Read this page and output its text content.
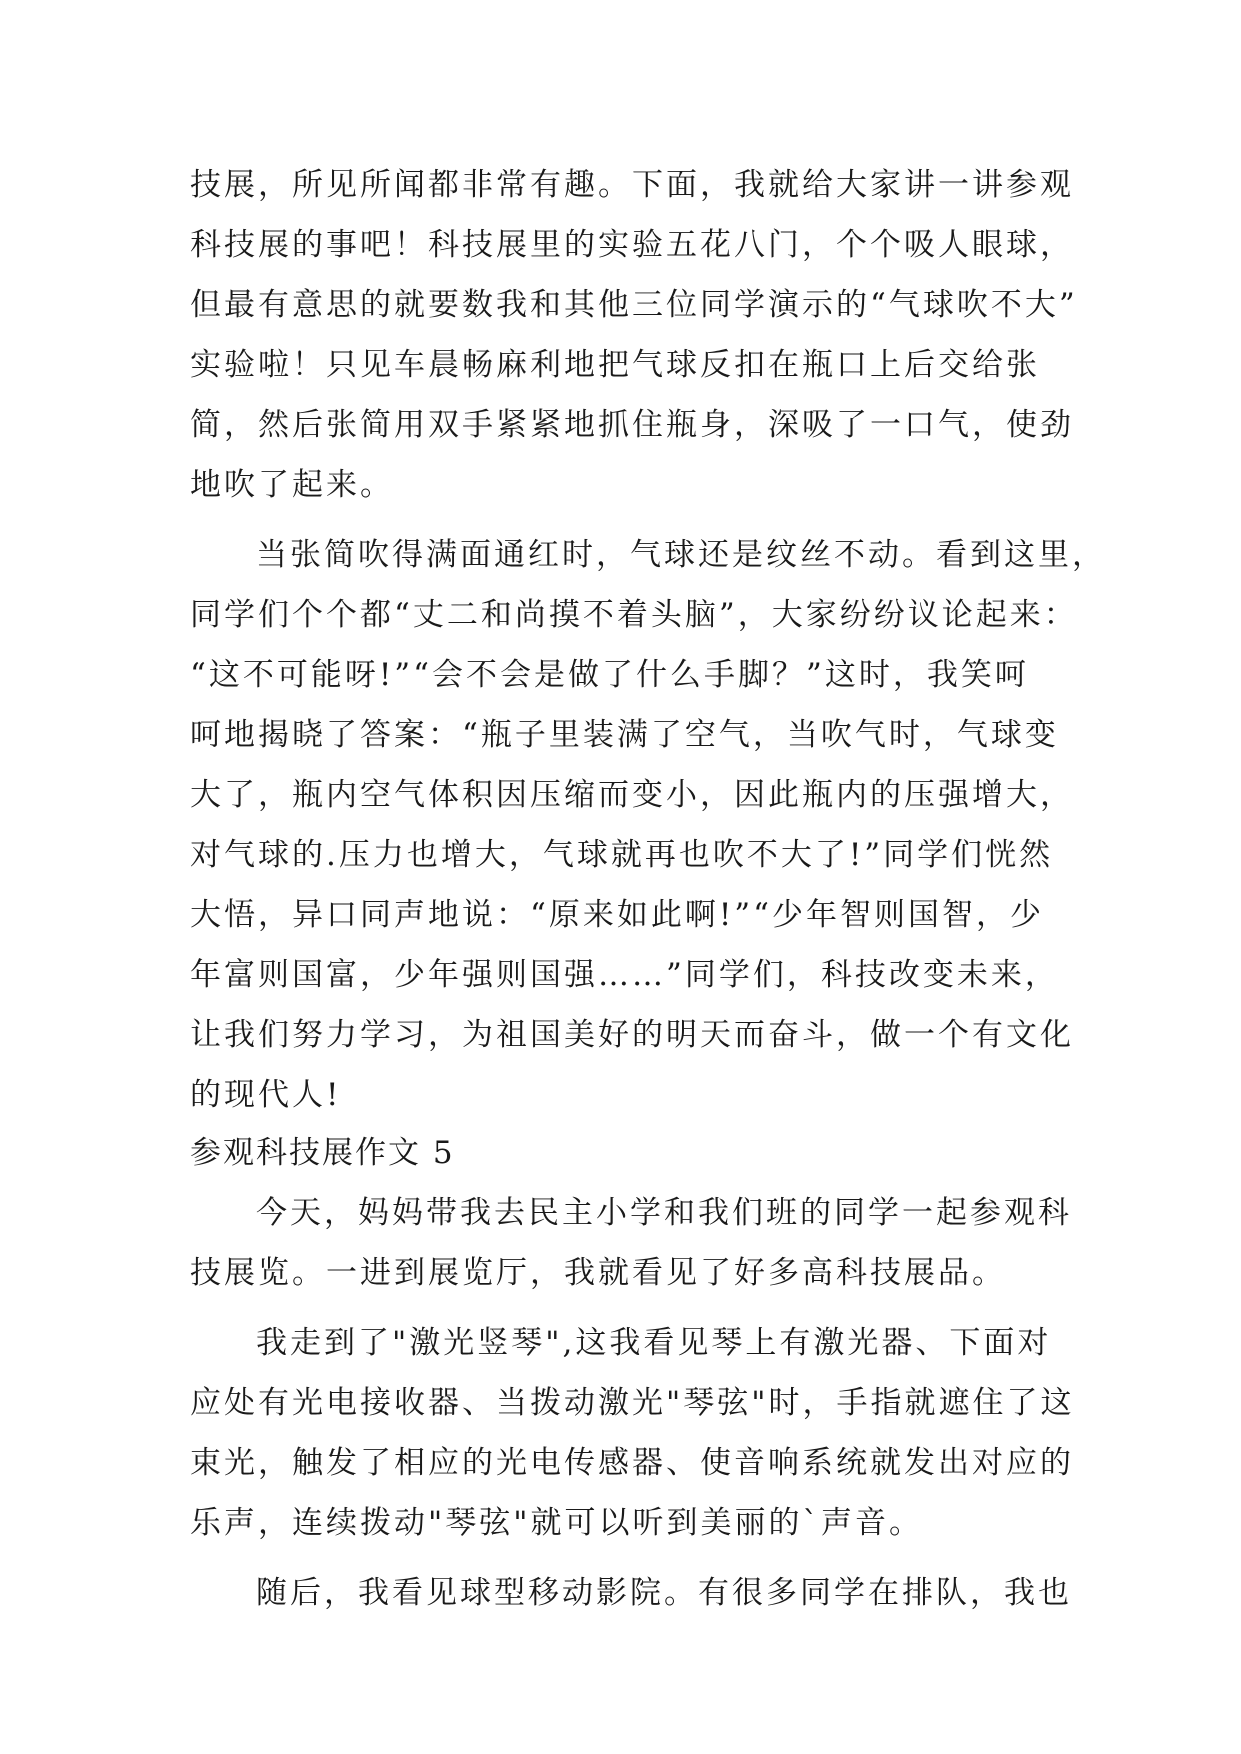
技展，所见所闻都非常有趣。下面，我就给大家讲一讲参观
科技展的事吧！科技展里的实验五花八门，个个吸人眼球，
但最有意思的就要数我和其他三位同学演示的“气球吹不大”
实验啦！只见车晨畅麻利地把气球反扣在瓶口上后交给张
简，然后张简用双手紧紧地抓住瓶身，深吸了一口气，使劲
地吹了起来。
当张简吹得满面通红时，气球还是纹丝不动。看到这里，
同学们个个都“丈二和尚摸不着头脑”，大家纷纷议论起来：
“这不可能呀!”“会不会是做了什么手脚？”这时，我笑呵
呵地揭晓了答案：“瓶子里装满了空气，当吹气时，气球变
大了，瓶内空气体积因压缩而变小，因此瓶内的压强增大，
对气球的.压力也增大，气球就再也吹不大了!”同学们恍然
大悟，异口同声地说：“原来如此啊!”“少年智则国智，少
年富则国富，少年强则国强……”同学们，科技改变未来，
让我们努力学习，为祖国美好的明天而奋斗，做一个有文化
的现代人!
参观科技展作文 5
今天，妈妈带我去民主小学和我们班的同学一起参观科
技展览。一进到展览厅，我就看见了好多高科技展品。
我走到了"激光竖琴",这我看见琴上有激光器、下面对
应处有光电接收器、当拨动激光"琴弦"时，手指就遮住了这
束光，触发了相应的光电传感器、使音响系统就发出对应的
乐声，连续拨动"琴弦"就可以听到美丽的`声音。
随后，我看见球型移动影院。有很多同学在排队，我也
